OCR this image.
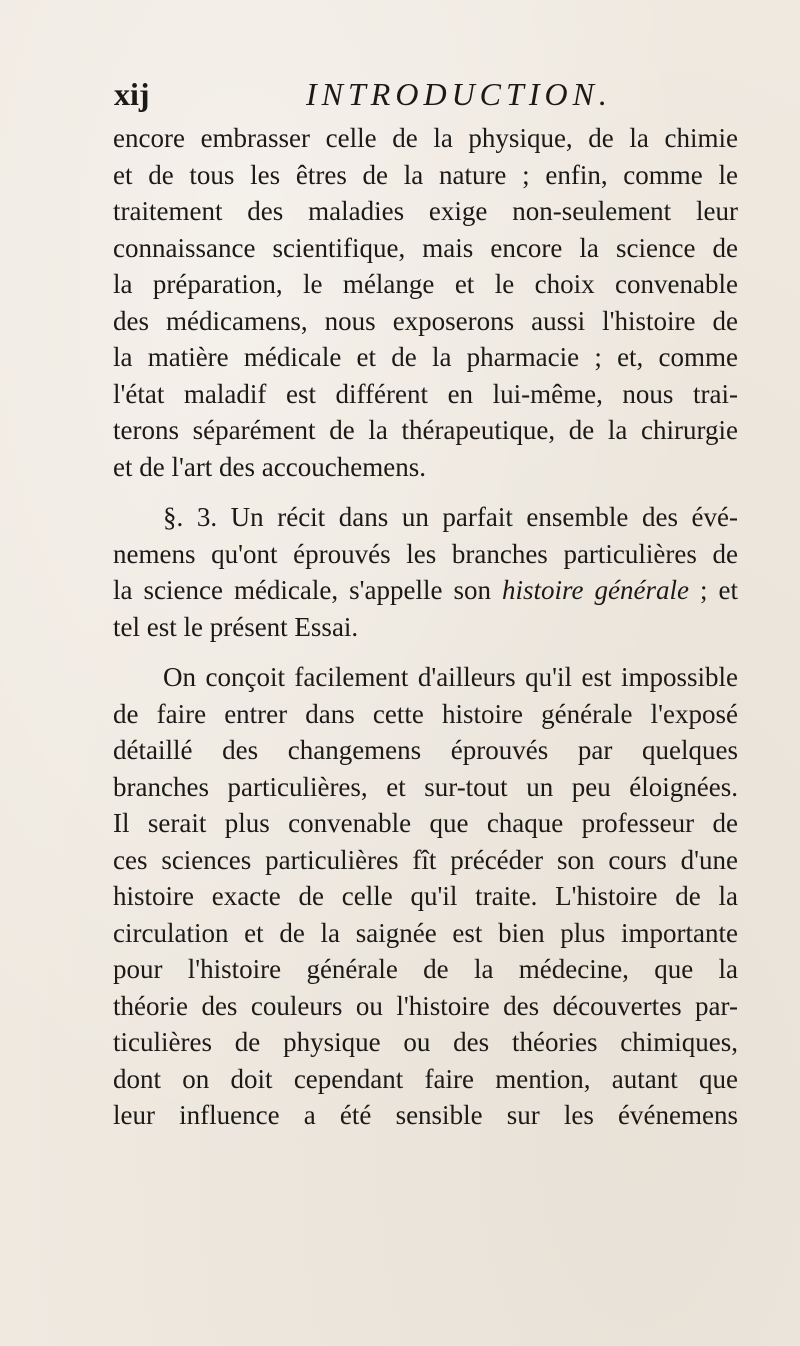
xij	INTRODUCTION.
encore embrasser celle de la physique, de la chimie
et de tous les êtres de la nature ; enfin, comme le
traitement des maladies exige non-seulement leur
connaissance scientifique, mais encore la science de
la préparation, le mélange et le choix convenable
des médicamens, nous exposerons aussi l'histoire de
la matière médicale et de la pharmacie ; et, comme
l'état maladif est différent en lui-même, nous trai-
terons séparément de la thérapeutique, de la chirurgie
et de l'art des accouchemens.
§. 3. Un récit dans un parfait ensemble des évé-
nemens qu'ont éprouvés les branches particulières de
la science médicale, s'appelle son histoire générale ; et
tel est le présent Essai.
On conçoit facilement d'ailleurs qu'il est impossible
de faire entrer dans cette histoire générale l'exposé
détaillé des changemens éprouvés par quelques
branches particulières, et sur-tout un peu éloignées.
Il serait plus convenable que chaque professeur de
ces sciences particulières fît précéder son cours d'une
histoire exacte de celle qu'il traite. L'histoire de la
circulation et de la saignée est bien plus importante
pour l'histoire générale de la médecine, que la
théorie des couleurs ou l'histoire des découvertes par-
ticulières de physique ou des théories chimiques,
dont on doit cependant faire mention, autant que
leur influence a été sensible sur les événemens
